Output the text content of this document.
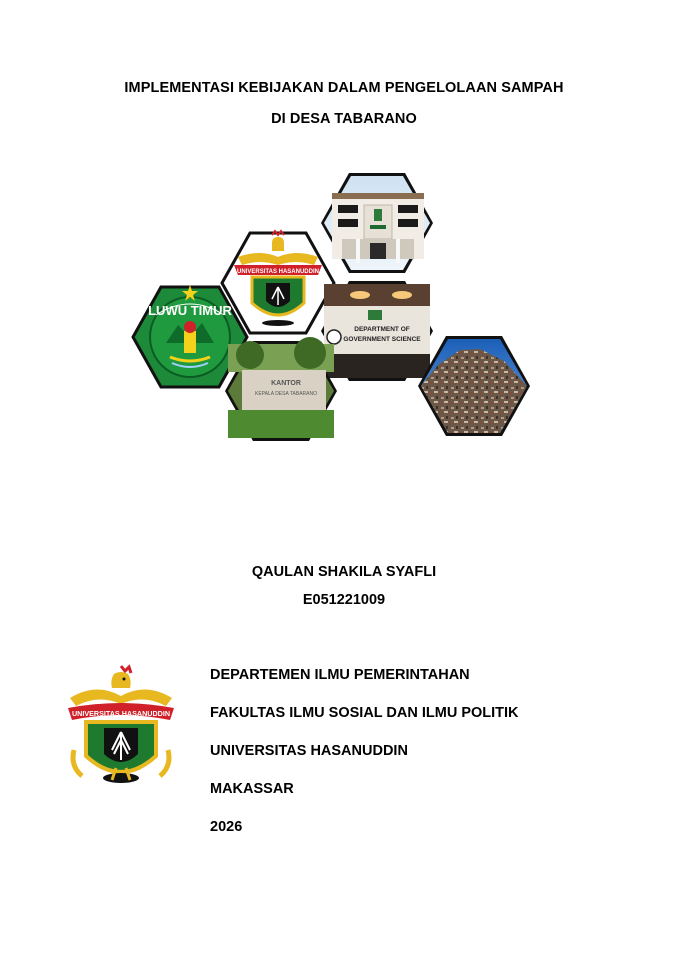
IMPLEMENTASI KEBIJAKAN DALAM PENGELOLAAN SAMPAH
DI DESA TABARANO
LUWU TIMUR
UNIVERSITAS HASANUDDIN
DEPARTMENT OF
GOVERNMENT SCIENCE
KANTOR
KEPALA DESA TABARANO
QAULAN SHAKILA SYAFLI
E051221009
UNIVERSITAS HASANUDDIN
DEPARTEMEN ILMU PEMERINTAHAN
FAKULTAS ILMU SOSIAL DAN ILMU POLITIK
UNIVERSITAS HASANUDDIN
MAKASSAR
2026
